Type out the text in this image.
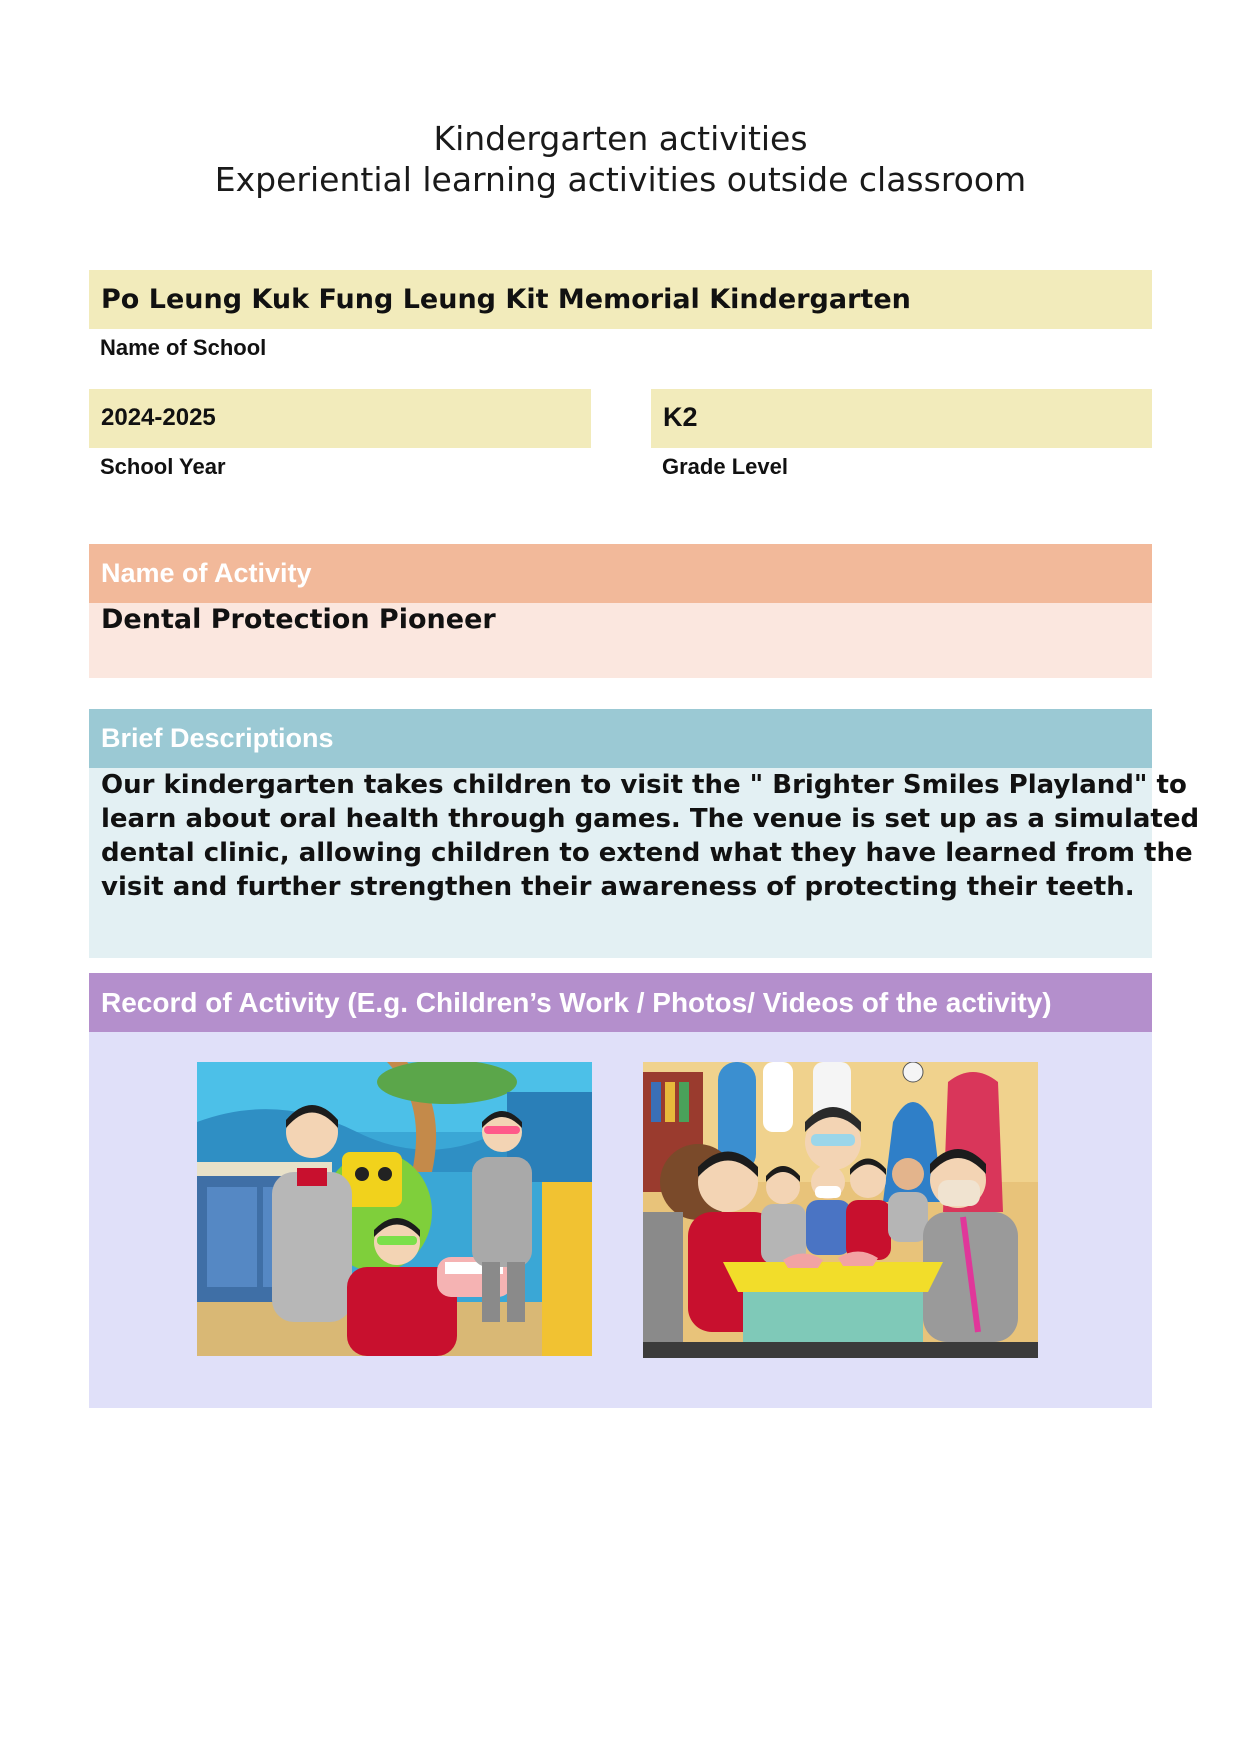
Kindergarten activities
Experiential learning activities outside classroom
Po Leung Kuk Fung Leung Kit Memorial Kindergarten
Name of School
2024-2025
School Year
K2
Grade Level
Name of Activity
Dental Protection Pioneer
Brief Descriptions
Our kindergarten takes children to visit the " Brighter Smiles Playland" to
learn about oral health through games. The venue is set up as a simulated
dental clinic, allowing children to extend what they have learned from the
visit and further strengthen their awareness of protecting their teeth.
Record of Activity (E.g. Children’s Work / Photos/ Videos of the activity)
